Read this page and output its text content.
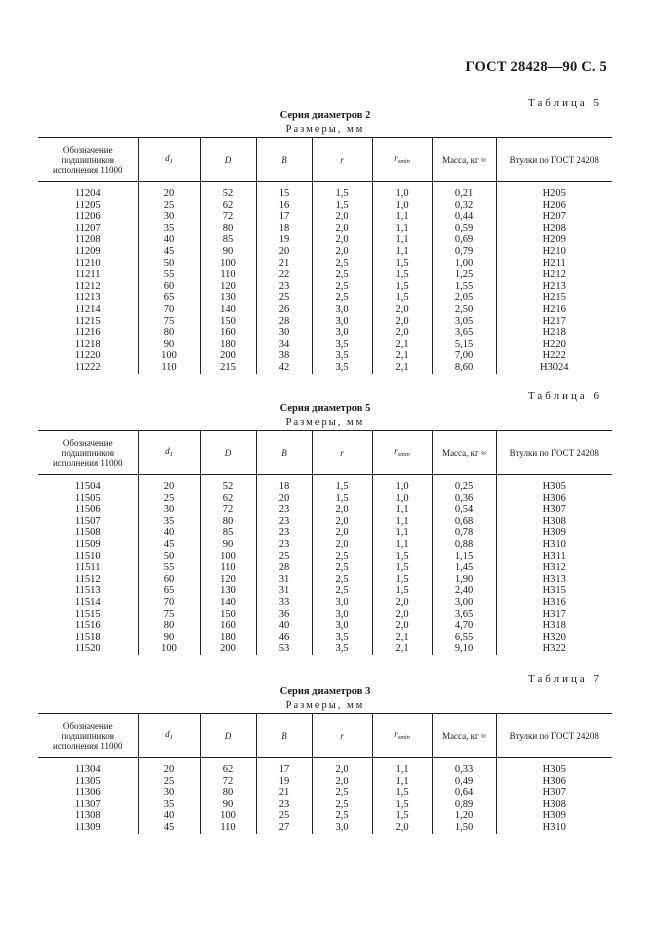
ГОСТ 28428—90 С. 5
Таблица 5
Серия диаметров 2
Размеры, мм
Обозначение подшипников исполнения 11000	$d_1$	D	B	r	$r_{smin}$	Масса, кг ≈	Втулки по ГОСТ 24208

11204	20	52	15	1,5	1,0	0,21	H205
11205	25	62	16	1,5	1,0	0,32	H206
11206	30	72	17	2,0	1,1	0,44	H207
11207	35	80	18	2,0	1,1	0,59	H208
11208	40	85	19	2,0	1,1	0,69	H209
11209	45	90	20	2,0	1,1	0,79	H210
11210	50	100	21	2,5	1,5	1,00	H211
11211	55	110	22	2,5	1,5	1,25	H212
11212	60	120	23	2,5	1,5	1,55	H213
11213	65	130	25	2,5	1,5	2,05	H215
11214	70	140	26	3,0	2,0	2,50	H216
11215	75	150	28	3,0	2,0	3,05	H217
11216	80	160	30	3,0	2,0	3,65	H218
11218	90	180	34	3,5	2,1	5,15	H220
11220	100	200	38	3,5	2,1	7,00	H222
11222	110	215	42	3,5	2,1	8,60	H3024
Таблица 6
Серия диаметров 5
Размеры, мм
Обозначение подшипников исполнения 11000	$d_1$	D	B	r	$r_{smin}$	Масса, кг ≈	Втулки по ГОСТ 24208

11504	20	52	18	1,5	1,0	0,25	H305
11505	25	62	20	1,5	1,0	0,36	H306
11506	30	72	23	2,0	1,1	0,54	H307
11507	35	80	23	2,0	1,1	0,68	H308
11508	40	85	23	2,0	1,1	0,78	H309
11509	45	90	23	2,0	1,1	0,88	H310
11510	50	100	25	2,5	1,5	1,15	H311
11511	55	110	28	2,5	1,5	1,45	H312
11512	60	120	31	2,5	1,5	1,90	H313
11513	65	130	31	2,5	1,5	2,40	H315
11514	70	140	33	3,0	2,0	3,00	H316
11515	75	150	36	3,0	2,0	3,65	H317
11516	80	160	40	3,0	2,0	4,70	H318
11518	90	180	46	3,5	2,1	6,55	H320
11520	100	200	53	3,5	2,1	9,10	H322
Таблица 7
Серия диаметров 3
Размеры, мм
Обозначение подшипников исполнения 11000	$d_1$	D	B	r	$r_{smin}$	Масса, кг ≈	Втулки по ГОСТ 24208

11304	20	62	17	2,0	1,1	0,33	H305
11305	25	72	19	2,0	1,1	0,49	H306
11306	30	80	21	2,5	1,5	0,64	H307
11307	35	90	23	2,5	1,5	0,89	H308
11308	40	100	25	2,5	1,5	1,20	H309
11309	45	110	27	3,0	2,0	1,50	H310
